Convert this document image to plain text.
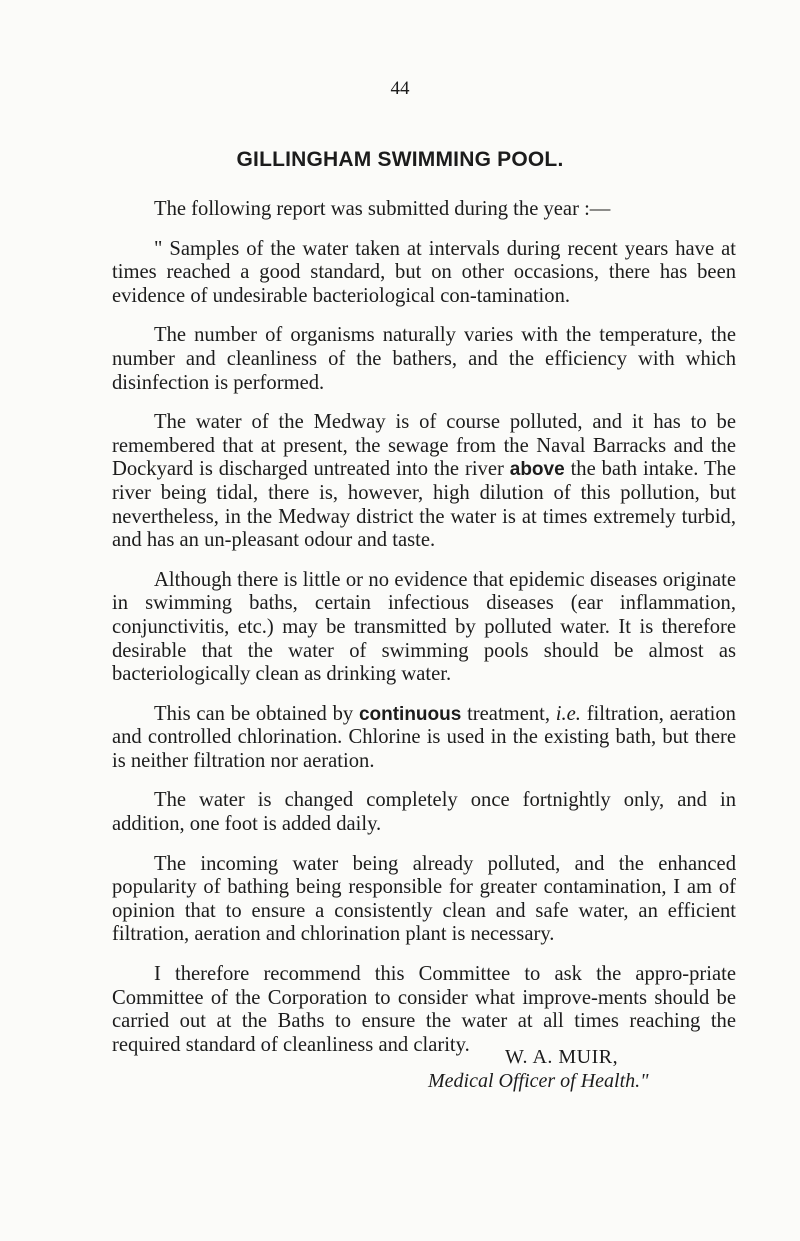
44
GILLINGHAM SWIMMING POOL.

The following report was submitted during the year :—

" Samples of the water taken at intervals during recent years have at times reached a good standard, but on other occasions, there has been evidence of undesirable bacteriological con-tamination.

The number of organisms naturally varies with the temperature, the number and cleanliness of the bathers, and the efficiency with which disinfection is performed.

The water of the Medway is of course polluted, and it has to be remembered that at present, the sewage from the Naval Barracks and the Dockyard is discharged untreated into the river above the bath intake. The river being tidal, there is, however, high dilution of this pollution, but nevertheless, in the Medway district the water is at times extremely turbid, and has an un-pleasant odour and taste.

Although there is little or no evidence that epidemic diseases originate in swimming baths, certain infectious diseases (ear inflammation, conjunctivitis, etc.) may be transmitted by polluted water. It is therefore desirable that the water of swimming pools should be almost as bacteriologically clean as drinking water.

This can be obtained by continuous treatment, i.e. filtration, aeration and controlled chlorination. Chlorine is used in the existing bath, but there is neither filtration nor aeration.

The water is changed completely once fortnightly only, and in addition, one foot is added daily.

The incoming water being already polluted, and the enhanced popularity of bathing being responsible for greater contamination, I am of opinion that to ensure a consistently clean and safe water, an efficient filtration, aeration and chlorination plant is necessary.

I therefore recommend this Committee to ask the appro-priate Committee of the Corporation to consider what improve-ments should be carried out at the Baths to ensure the water at all times reaching the required standard of cleanliness and clarity.

W. A. MUIR,
Medical Officer of Health."
